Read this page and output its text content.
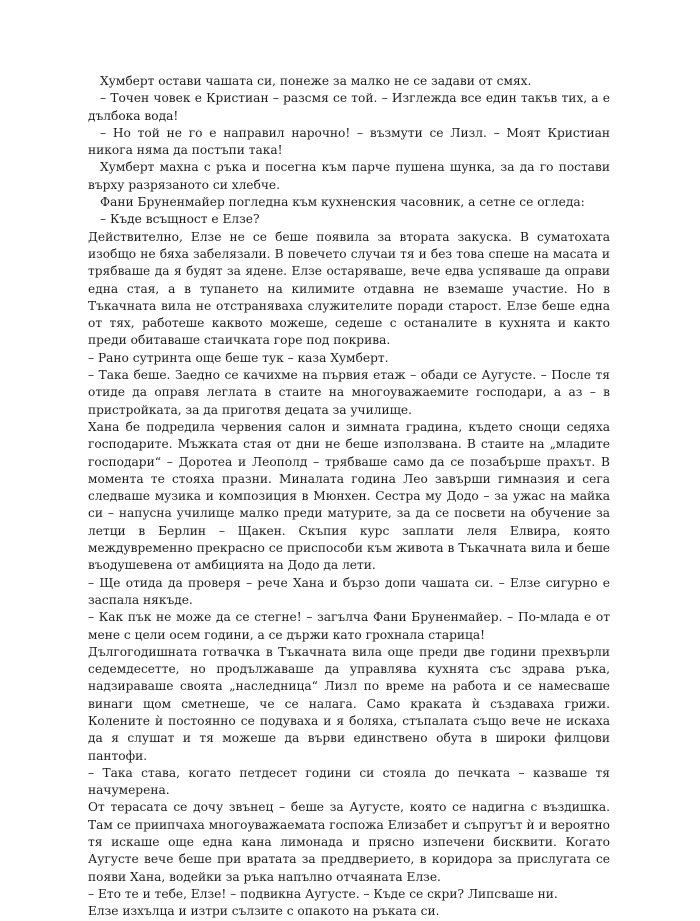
Хумберт остави чашата си, понеже за малко не се задави от смях.

– Точен човек е Кристиан – разсмя се той. – Изглежда все един такъв тих, а е дълбока вода!

– Но той не го е направил нарочно! – възмути се Лизл. – Моят Кристиан никога няма да постъпи така!

Хумберт махна с ръка и посегна към парче пушена шунка, за да го постави върху разрязаното си хлебче.

Фани Бруненмайер погледна към кухненския часовник, а сетне се огледа:

– Къде всъщност е Елзе?

Действително, Елзе не се беше появила за втората закуска. В суматохата изобщо не бяха забелязали. В повечето случаи тя и без това спеше на масата и трябваше да я будят за ядене. Елзе остаряваше, вече едва успяваше да оправи една стая, а в тупането на килимите отдавна не вземаше участие. Но в Тъкачната вила не отстраняваха служителите поради старост. Елзе беше една от тях, работеше каквото можеше, седеше с останалите в кухнята и както преди обитаваше стаичката горе под покрива.

– Рано сутринта още беше тук – каза Хумберт.

– Така беше. Заедно се качихме на първия етаж – обади се Аугусте. – После тя отиде да оправя леглата в стаите на многоуважаемите господари, а аз – в пристройката, за да приготвя децата за училище.

Хана бе подредила червения салон и зимната градина, където снощи седяха господарите. Мъжката стая от дни не беше използвана. В стаите на „младите господари“ – Доротеа и Леополд – трябваше само да се позабърше прахът. В момента те стояха празни. Миналата година Лео завърши гимназия и сега следваше музика и композиция в Мюнхен. Сестра му Додо – за ужас на майка си – напусна училище малко преди матурите, за да се посвети на обучение за летци в Берлин – Щакен. Скъпия курс заплати леля Елвира, която междувременно прекрасно се приспособи към живота в Тъкачната вила и беше въодушевена от амбицията на Додо да лети.

– Ще отида да проверя – рече Хана и бързо допи чашата си. – Елзе сигурно е заспала някъде.

– Как пък не може да се стегне! – загълча Фани Бруненмайер. – По-млада е от мене с цели осем години, а се държи като грохнала старица!

Дългогодишната готвачка в Тъкачната вила още преди две години прехвърли седемдесетте, но продължаваше да управлява кухнята със здрава ръка, надзираваше своята „наследница“ Лизл по време на работа и се намесваше винаги щом сметнеше, че се налага. Само краката ѝ създаваха грижи. Колените ѝ постоянно се подуваха и я боляха, стъпалата също вече не искаха да я слушат и тя можеше да върви единствено обута в широки филцови пантофи.

– Така става, когато петдесет години си стояла до печката – казваше тя начумерена.

От терасата се дочу звънец – беше за Аугусте, която се надигна с въздишка. Там се приипчаха многоуважаемата госпожа Елизабет и съпругът ѝ и вероятно тя искаше още една кана лимонада и прясно изпечени бисквити. Когато Аугусте вече беше при вратата за преддверието, в коридора за прислугата се появи Хана, водейки за ръка напълно отчаяната Елзе.

– Ето те и тебе, Елзе! – подвикна Аугусте. – Къде се скри? Липсваше ни.

Елзе изхълца и изтри сълзите с опакото на ръката си.
